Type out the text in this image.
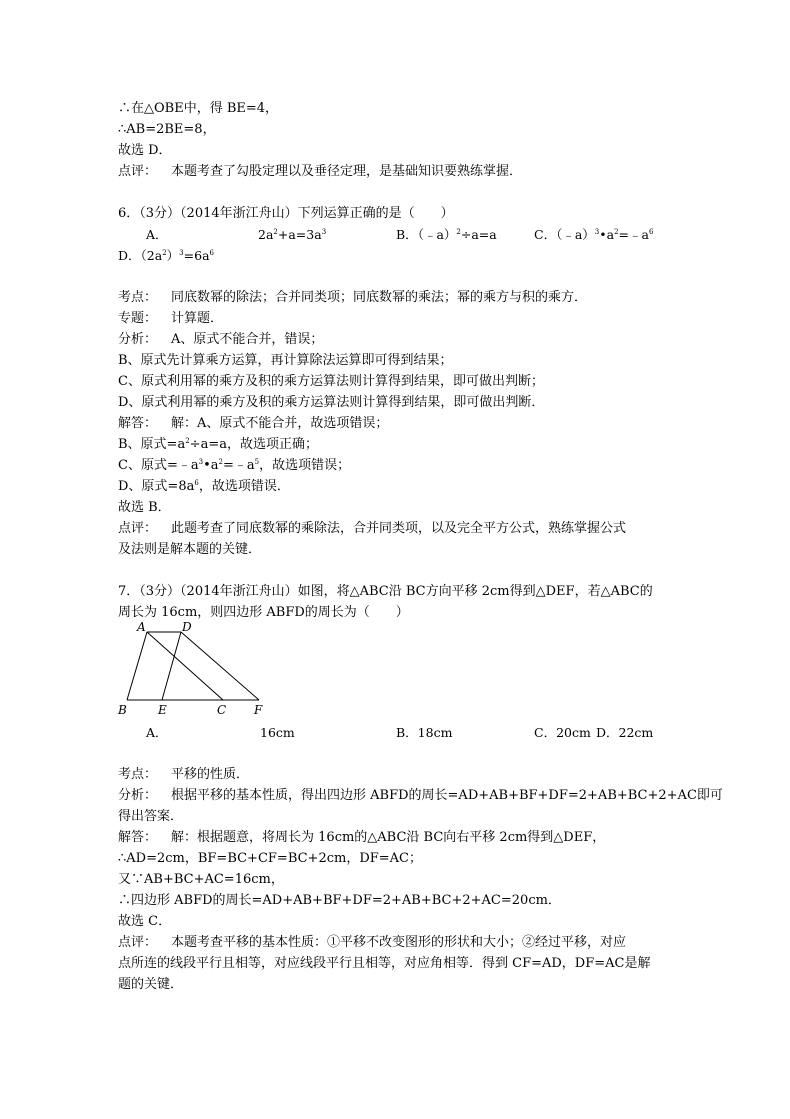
∴在△OBE中，得 BE=4，
∴AB=2BE=8，
故选 D．
点评： 本题考查了勾股定理以及垂径定理，是基础知识要熟练掌握．
6．（3分）（2014年浙江舟山）下列运算正确的是（　　）
A．	$2a^2+a=3a^3$	B．（﹣a）$^2$÷a=a	C．$(﹣a)^3•a^2=﹣a^6$
D．$(2a^2)^3=6a^6$
考点： 同底数幂的除法；合并同类项；同底数幂的乘法；幂的乘方与积的乘方．
专题： 计算题．
分析： A、原式不能合并，错误；
B、原式先计算乘方运算，再计算除法运算即可得到结果；
C、原式利用幂的乘方及积的乘方运算法则计算得到结果，即可做出判断；
D、原式利用幂的乘方及积的乘方运算法则计算得到结果，即可做出判断．
解答： 解：A、原式不能合并，故选项错误；
B、原式$=a^2\div a=a$，故选项正确；
C、原式$=﹣a^3•a^2=﹣a^5$，故选项错误；
D、原式$=8a^6$，故选项错误．
故选 B．
点评： 此题考查了同底数幂的乘除法，合并同类项，以及完全平方公式，熟练掌握公式
及法则是解本题的关键．
7．（3分）（2014年浙江舟山）如图，将△ABC沿 BC方向平移 2cm得到△DEF，若△ABC的
周长为 16cm，则四边形 ABFD的周长为（　　）
A	D
B	E	C F
A．	16cm	B．18cm	C．20cm D．22cm
考点： 平移的性质．
分析： 根据平移的基本性质，得出四边形 ABFD的周长=AD+AB+BF+DF=2+AB+BC+2+AC即可
得出答案．
解答： 解：根据题意，将周长为 16cm的△ABC沿 BC向右平移 2cm得到△DEF，
∴AD=2cm，BF=BC+CF=BC+2cm，DF=AC；
又∵AB+BC+AC=16cm，
∴四边形 ABFD的周长=AD+AB+BF+DF=2+AB+BC+2+AC=20cm．
故选 C．
点评： 本题考查平移的基本性质：①平移不改变图形的形状和大小；②经过平移，对应
点所连的线段平行且相等，对应线段平行且相等，对应角相等．得到 CF=AD，DF=AC是解
题的关键．
